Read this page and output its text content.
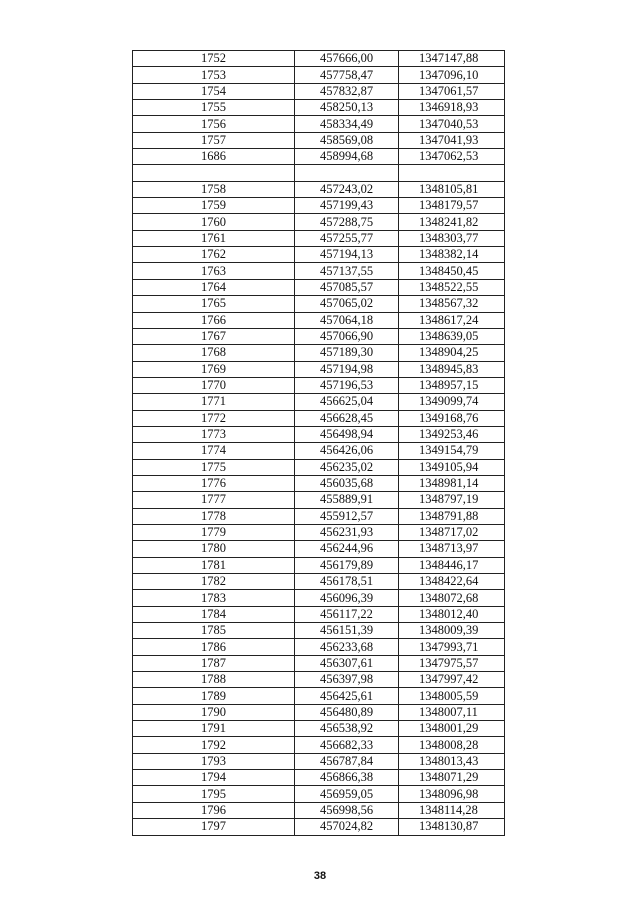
1752	457666,00	1347147,88
1753	457758,47	1347096,10
1754	457832,87	1347061,57
1755	458250,13	1346918,93
1756	458334,49	1347040,53
1757	458569,08	1347041,93
1686	458994,68	1347062,53

1758	457243,02	1348105,81
1759	457199,43	1348179,57
1760	457288,75	1348241,82
1761	457255,77	1348303,77
1762	457194,13	1348382,14
1763	457137,55	1348450,45
1764	457085,57	1348522,55
1765	457065,02	1348567,32
1766	457064,18	1348617,24
1767	457066,90	1348639,05
1768	457189,30	1348904,25
1769	457194,98	1348945,83
1770	457196,53	1348957,15
1771	456625,04	1349099,74
1772	456628,45	1349168,76
1773	456498,94	1349253,46
1774	456426,06	1349154,79
1775	456235,02	1349105,94
1776	456035,68	1348981,14
1777	455889,91	1348797,19
1778	455912,57	1348791,88
1779	456231,93	1348717,02
1780	456244,96	1348713,97
1781	456179,89	1348446,17
1782	456178,51	1348422,64
1783	456096,39	1348072,68
1784	456117,22	1348012,40
1785	456151,39	1348009,39
1786	456233,68	1347993,71
1787	456307,61	1347975,57
1788	456397,98	1347997,42
1789	456425,61	1348005,59
1790	456480,89	1348007,11
1791	456538,92	1348001,29
1792	456682,33	1348008,28
1793	456787,84	1348013,43
1794	456866,38	1348071,29
1795	456959,05	1348096,98
1796	456998,56	1348114,28
1797	457024,82	1348130,87
38
